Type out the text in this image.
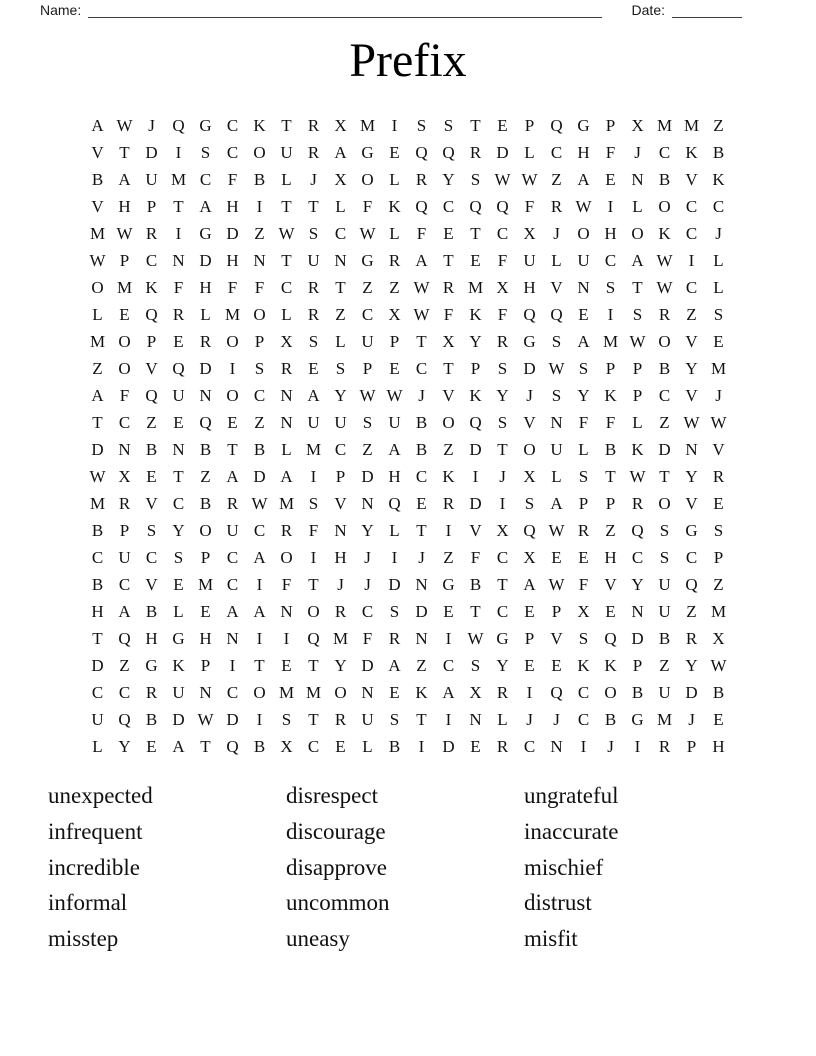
Name:	Date:
Prefix
A W J	Q G C K T R X M I	S	S	T E	P Q G P X M M Z
V T D	I	S C O U R A G E Q Q R D L C H F	J	C K B
B A U M C F B L	J	X O L R Y S W W Z A E N B V K
V H P	T A H	I	T T L	F K Q C Q Q F R W I	L O C C
M W R	I	G D Z W S C W L	F	E T C X	J	O H O K C	J
W P C N D H N T U N G R A T E	F U L U C A W I	L
O M K F H F	F C R T Z Z W R M X H V N S	T W C L
L E Q R L M O L R Z C X W F K F Q Q E	I	S R Z	S
M O P	E R O P X S	L U P	T X Y R G S A M W O V E
Z O V Q D	I	S R E	S	P	E C T	P	S D W S	P	P B Y M
A F Q U N O C N A Y W W J	V K Y	J	S Y K P C V	J
T C Z E Q E Z N U U S U B O Q S V N F	F	L Z W W
D N B N B T B L M C Z A B Z D T O U L B K D N V
W X E T Z A D A	I	P D H C K	I	J	X L	S	T W T Y R
M R V C B R W M S V N Q E R D	I	S A P	P R O V E
B P	S Y O U C R F N Y L T	I	V X Q W R Z Q S G S
C U C S	P C A O	I	H	J	I	J	Z	F C X E E H C S C P
B C V E M C	I	F	T	J	J	D N G B T A W F V Y U Q Z
H A B L E A A N O R C S D E T C E	P X E N U Z M
T Q H G H N	I	I	Q M F R N	I W G P V S Q D B R X
D Z G K P	I	T E T Y D A Z C S Y E E K K P	Z Y W
C C R U N C O M M O N E K A X R	I	Q C O B U D B
U Q B D W D	I	S	T R U S	T	I	N L	J	J	C B G M J	E
L Y E A T Q B X C E L B	I	D E R C N	I	J	I	R P H
unexpected
infrequent
incredible
informal
misstep
disrespect
discourage
disapprove
uncommon
uneasy
ungrateful
inaccurate
mischief
distrust
misfit
